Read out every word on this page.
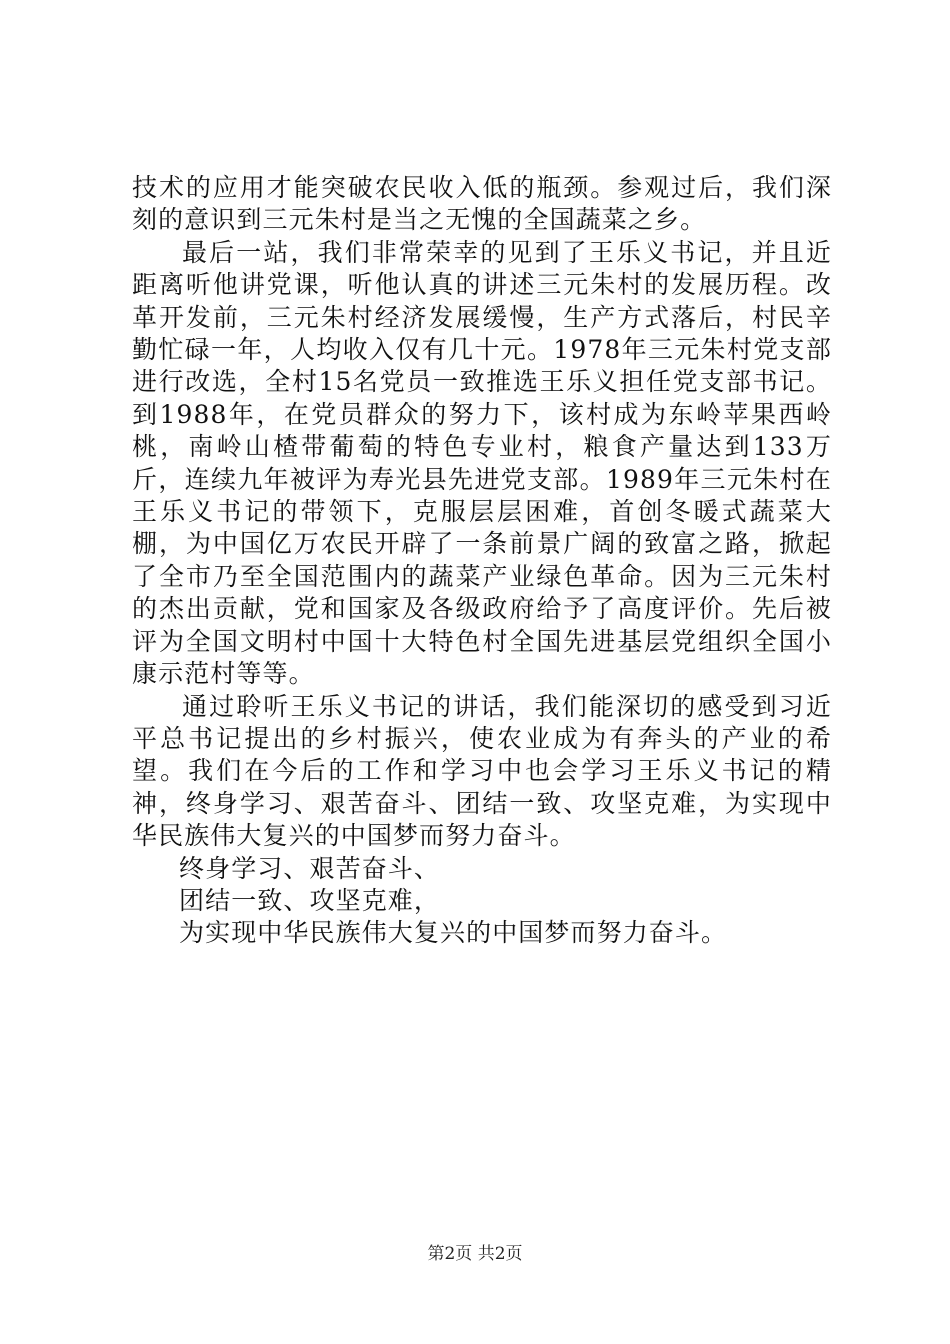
技术的应用才能突破农民收入低的瓶颈。参观过后，我们深刻的意识到三元朱村是当之无愧的全国蔬菜之乡。

最后一站，我们非常荣幸的见到了王乐义书记，并且近距离听他讲党课，听他认真的讲述三元朱村的发展历程。改革开发前，三元朱村经济发展缓慢，生产方式落后，村民辛勤忙碌一年，人均收入仅有几十元。1978年三元朱村党支部进行改选，全村15名党员一致推选王乐义担任党支部书记。到1988年，在党员群众的努力下，该村成为东岭苹果西岭桃，南岭山楂带葡萄的特色专业村，粮食产量达到133万斤，连续九年被评为寿光县先进党支部。1989年三元朱村在王乐义书记的带领下，克服层层困难，首创冬暖式蔬菜大棚，为中国亿万农民开辟了一条前景广阔的致富之路，掀起了全市乃至全国范围内的蔬菜产业绿色革命。因为三元朱村的杰出贡献，党和国家及各级政府给予了高度评价。先后被评为全国文明村中国十大特色村全国先进基层党组织全国小康示范村等等。

通过聆听王乐义书记的讲话，我们能深切的感受到习近平总书记提出的乡村振兴，使农业成为有奔头的产业的希望。我们在今后的工作和学习中也会学习王乐义书记的精神，终身学习、艰苦奋斗、团结一致、攻坚克难，为实现中华民族伟大复兴的中国梦而努力奋斗。

终身学习、艰苦奋斗、

团结一致、攻坚克难，

为实现中华民族伟大复兴的中国梦而努力奋斗。

第2页 共2页
